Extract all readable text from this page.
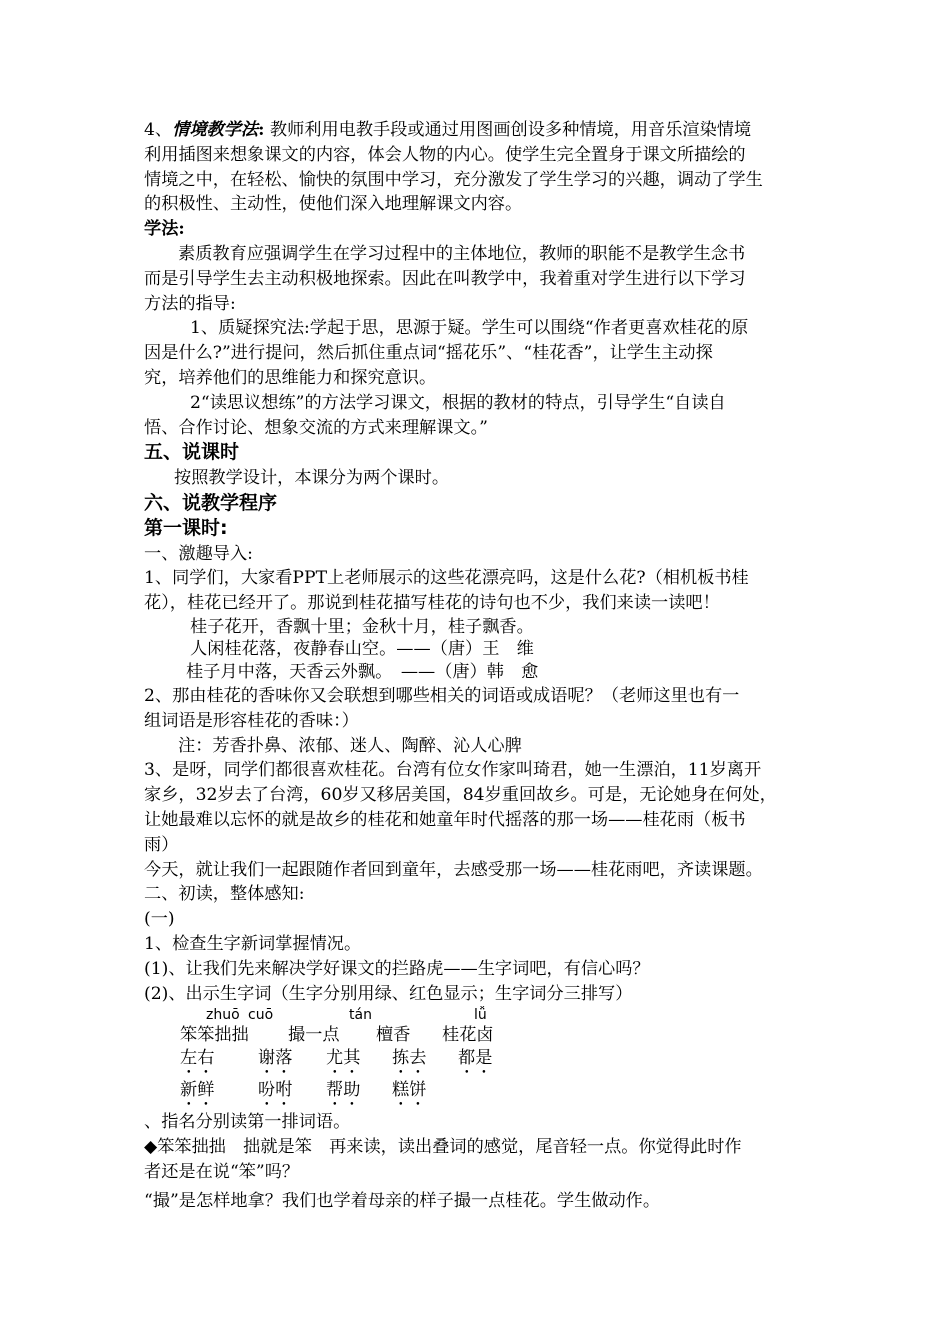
4、情境教学法: 教师利用电教手段或通过用图画创设多种情境，用音乐渲染情境

利用插图来想象课文的内容，体会人物的内心。使学生完全置身于课文所描绘的

情境之中，在轻松、愉快的氛围中学习，充分激发了学生学习的兴趣，调动了学生

的积极性、主动性，使他们深入地理解课文内容。

学法:

素质教育应强调学生在学习过程中的主体地位，教师的职能不是教学生念书

而是引导学生去主动积极地探索。因此在叫教学中，我着重对学生进行以下学习

方法的指导:

1、质疑探究法:学起于思，思源于疑。学生可以围绕“作者更喜欢桂花的原

因是什么?”进行提问，然后抓住重点词“摇花乐”、“桂花香”，让学生主动探

究，培养他们的思维能力和探究意识。

2“读思议想练”的方法学习课文，根据的教材的特点，引导学生“自读自

悟、合作讨论、想象交流的方式来理解课文。”

五、说课时

按照教学设计，本课分为两个课时。

六、说教学程序

第一课时:

一、激趣导入:

1、同学们，大家看PPT上老师展示的这些花漂亮吗，这是什么花?（相机板书桂

花），桂花已经开了。那说到桂花描写桂花的诗句也不少，我们来读一读吧！

桂子花开，香飘十里；金秋十月，桂子飘香。

人闲桂花落，夜静春山空。——（唐）王　维

桂子月中落，天香云外飘。　——（唐）韩　愈

2、那由桂花的香味你又会联想到哪些相关的词语或成语呢？（老师这里也有一

组词语是形容桂花的香味：）

注：芳香扑鼻、浓郁、迷人、陶醉、沁人心脾

3、是呀，同学们都很喜欢桂花。台湾有位女作家叫琦君，她一生漂泊，11岁离开

家乡，32岁去了台湾，60岁又移居美国，84岁重回故乡。可是，无论她身在何处，

让她最难以忘怀的就是故乡的桂花和她童年时代摇落的那一场——桂花雨（板书

雨）

今天，就让我们一起跟随作者回到童年，去感受那一场——桂花雨吧，齐读课题。

二、初读，整体感知:

(一)

1、检查生字新词掌握情况。

(1)、让我们先来解决学好课文的拦路虎——生字词吧，有信心吗？

(2)、出示生字词（生字分别用绿、红色显示；生字词分三排写）

zhuō cuō	tán	lǚ
笨笨拙拙	撮一点	檀香	桂花卤
左右	谢落	尤其	拣去	都是
新鲜	吩咐	帮助	糕饼

、指名分别读第一排词语。

◆笨笨拙拙　拙就是笨　再来读，读出叠词的感觉，尾音轻一点。你觉得此时作

者还是在说“笨”吗？

“撮”是怎样地拿？我们也学着母亲的样子撮一点桂花。学生做动作。
